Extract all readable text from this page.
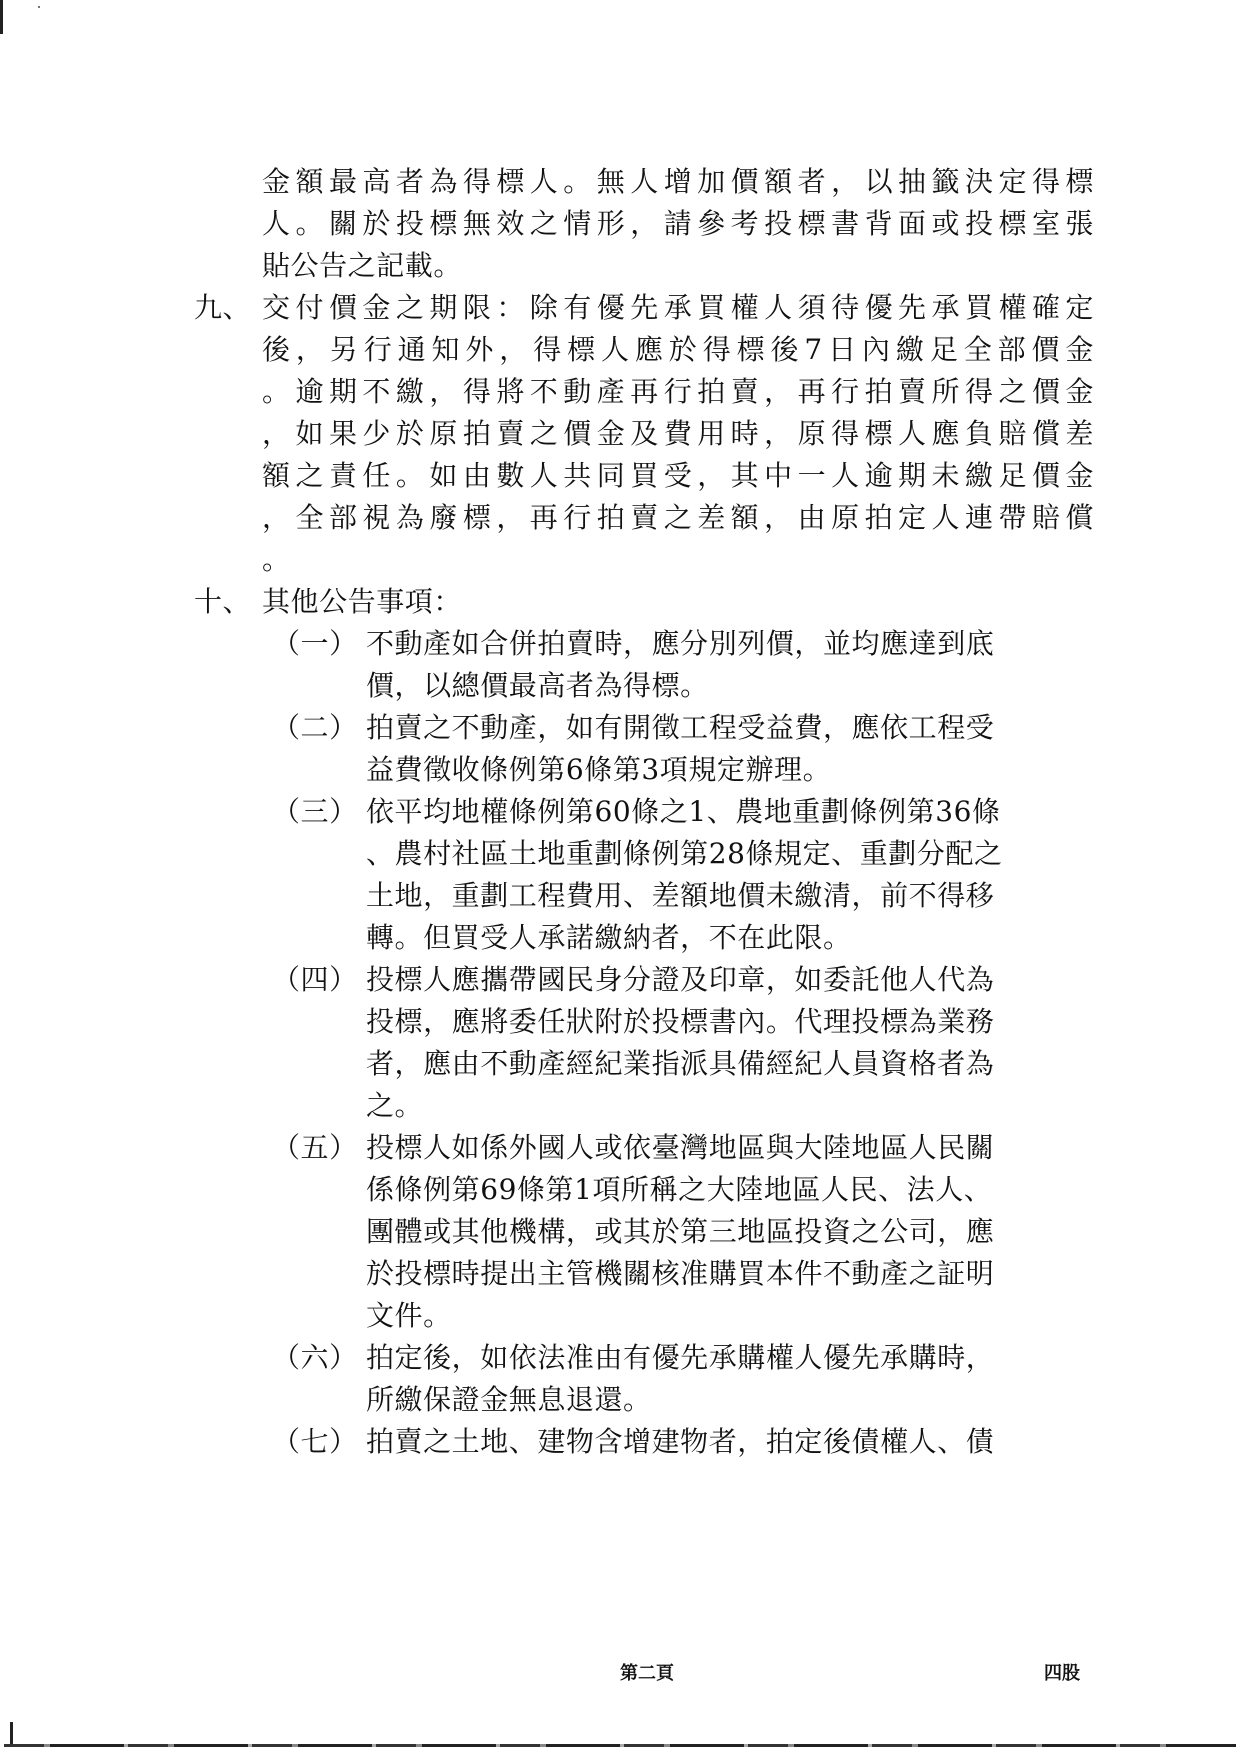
金額最高者為得標人。無人增加價額者，以抽籤決定得標
人。關於投標無效之情形，請參考投標書背面或投標室張
貼公告之記載。
九、 交付價金之期限：除有優先承買權人須待優先承買權確定
後，另行通知外，得標人應於得標後7日內繳足全部價金
。逾期不繳，得將不動產再行拍賣，再行拍賣所得之價金
，如果少於原拍賣之價金及費用時，原得標人應負賠償差
額之責任。如由數人共同買受，其中一人逾期未繳足價金
，全部視為廢標，再行拍賣之差額，由原拍定人連帶賠償
。
十、 其他公告事項：
（一） 不動產如合併拍賣時，應分別列價，並均應達到底
價，以總價最高者為得標。
（二） 拍賣之不動產，如有開徵工程受益費，應依工程受
益費徵收條例第6條第3項規定辦理。
（三） 依平均地權條例第60條之1、農地重劃條例第36條
、農村社區土地重劃條例第28條規定、重劃分配之
土地，重劃工程費用、差額地價未繳清，前不得移
轉。但買受人承諾繳納者，不在此限。
（四） 投標人應攜帶國民身分證及印章，如委託他人代為
投標，應將委任狀附於投標書內。代理投標為業務
者，應由不動產經紀業指派具備經紀人員資格者為
之。
（五） 投標人如係外國人或依臺灣地區與大陸地區人民關
係條例第69條第1項所稱之大陸地區人民、法人、
團體或其他機構，或其於第三地區投資之公司，應
於投標時提出主管機關核准購買本件不動產之証明
文件。
（六） 拍定後，如依法准由有優先承購權人優先承購時，
所繳保證金無息退還。
（七） 拍賣之土地、建物含增建物者，拍定後債權人、債
第二頁	四股
